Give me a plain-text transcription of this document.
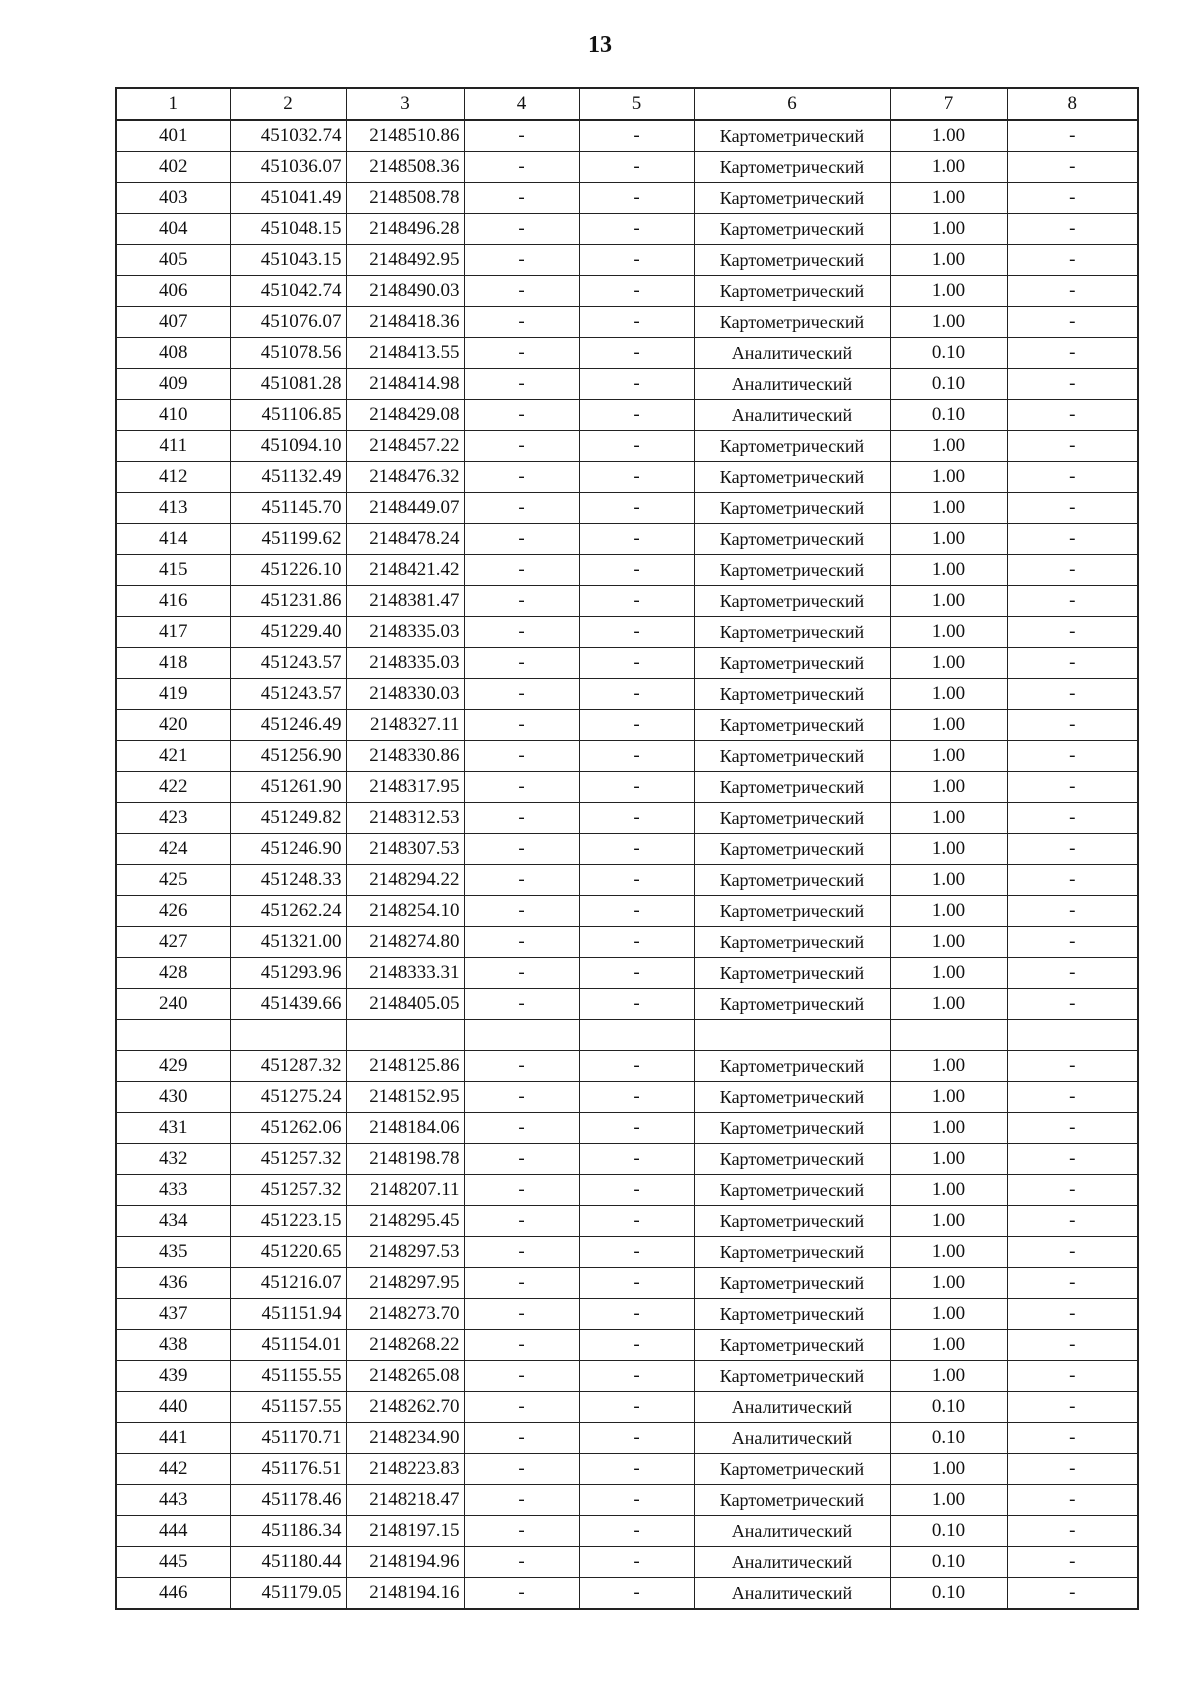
13
1	2	3	4	5	6	7	8
401	451032.74	2148510.86	-	-	Картометрический	1.00	-
402	451036.07	2148508.36	-	-	Картометрический	1.00	-
403	451041.49	2148508.78	-	-	Картометрический	1.00	-
404	451048.15	2148496.28	-	-	Картометрический	1.00	-
405	451043.15	2148492.95	-	-	Картометрический	1.00	-
406	451042.74	2148490.03	-	-	Картометрический	1.00	-
407	451076.07	2148418.36	-	-	Картометрический	1.00	-
408	451078.56	2148413.55	-	-	Аналитический	0.10	-
409	451081.28	2148414.98	-	-	Аналитический	0.10	-
410	451106.85	2148429.08	-	-	Аналитический	0.10	-
411	451094.10	2148457.22	-	-	Картометрический	1.00	-
412	451132.49	2148476.32	-	-	Картометрический	1.00	-
413	451145.70	2148449.07	-	-	Картометрический	1.00	-
414	451199.62	2148478.24	-	-	Картометрический	1.00	-
415	451226.10	2148421.42	-	-	Картометрический	1.00	-
416	451231.86	2148381.47	-	-	Картометрический	1.00	-
417	451229.40	2148335.03	-	-	Картометрический	1.00	-
418	451243.57	2148335.03	-	-	Картометрический	1.00	-
419	451243.57	2148330.03	-	-	Картометрический	1.00	-
420	451246.49	2148327.11	-	-	Картометрический	1.00	-
421	451256.90	2148330.86	-	-	Картометрический	1.00	-
422	451261.90	2148317.95	-	-	Картометрический	1.00	-
423	451249.82	2148312.53	-	-	Картометрический	1.00	-
424	451246.90	2148307.53	-	-	Картометрический	1.00	-
425	451248.33	2148294.22	-	-	Картометрический	1.00	-
426	451262.24	2148254.10	-	-	Картометрический	1.00	-
427	451321.00	2148274.80	-	-	Картометрический	1.00	-
428	451293.96	2148333.31	-	-	Картометрический	1.00	-
240	451439.66	2148405.05	-	-	Картометрический	1.00	-

429	451287.32	2148125.86	-	-	Картометрический	1.00	-
430	451275.24	2148152.95	-	-	Картометрический	1.00	-
431	451262.06	2148184.06	-	-	Картометрический	1.00	-
432	451257.32	2148198.78	-	-	Картометрический	1.00	-
433	451257.32	2148207.11	-	-	Картометрический	1.00	-
434	451223.15	2148295.45	-	-	Картометрический	1.00	-
435	451220.65	2148297.53	-	-	Картометрический	1.00	-
436	451216.07	2148297.95	-	-	Картометрический	1.00	-
437	451151.94	2148273.70	-	-	Картометрический	1.00	-
438	451154.01	2148268.22	-	-	Картометрический	1.00	-
439	451155.55	2148265.08	-	-	Картометрический	1.00	-
440	451157.55	2148262.70	-	-	Аналитический	0.10	-
441	451170.71	2148234.90	-	-	Аналитический	0.10	-
442	451176.51	2148223.83	-	-	Картометрический	1.00	-
443	451178.46	2148218.47	-	-	Картометрический	1.00	-
444	451186.34	2148197.15	-	-	Аналитический	0.10	-
445	451180.44	2148194.96	-	-	Аналитический	0.10	-
446	451179.05	2148194.16	-	-	Аналитический	0.10	-
